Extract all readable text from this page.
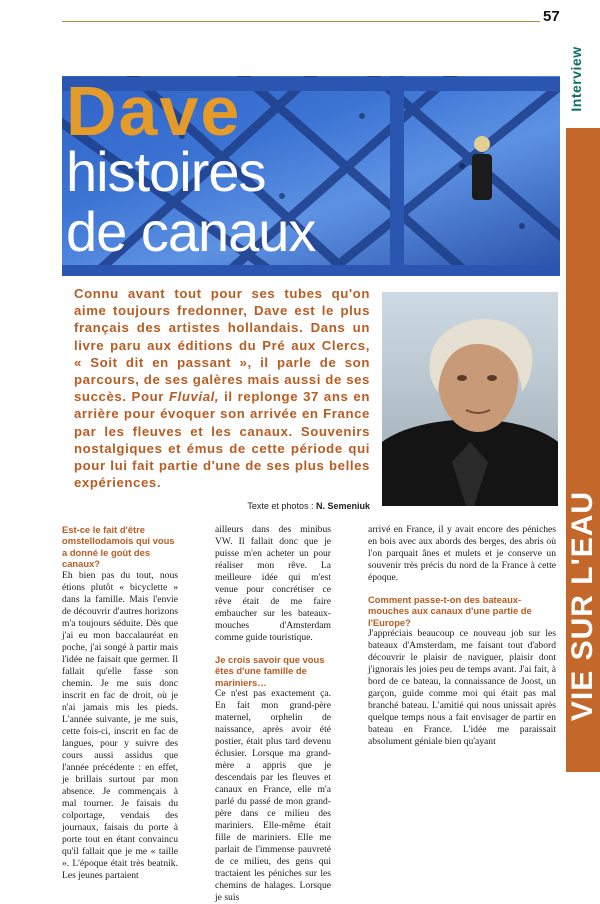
57
Interview
VIE SUR L'EAU
Dave
histoires
de canaux

Connu avant tout pour ses tubes qu'on aime toujours fredonner, Dave est le plus français des artistes hollandais. Dans un livre paru aux éditions du Pré aux Clercs, « Soit dit en passant », il parle de son parcours, de ses galères mais aussi de ses succès. Pour Fluvial, il replonge 37 ans en arrière pour évoquer son arrivée en France par les fleuves et les canaux. Souvenirs nostalgiques et émus de cette période qui pour lui fait partie d'une de ses plus belles expériences.

Texte et photos : N. Semeniuk

Est-ce le fait d'être omstellodamois qui vous a donné le goût des canaux?

Eh bien pas du tout, nous étions plutôt « bicyclette » dans la famille. Mais l'envie de découvrir d'autres horizons m'a toujours séduite. Dès que j'ai eu mon baccalauréat en poche, j'ai songé à partir mais l'idée ne faisait que germer. Il fallait qu'elle fasse son chemin. Je me suis donc inscrit en fac de droit, où je n'ai jamais mis les pieds. L'année suivante, je me suis, cette fois-ci, inscrit en fac de langues, pour y suivre des cours aussi assidus que l'année précédente : en effet, je brillais surtout par mon absence. Je commençais à mal tourner. Je faisais du colportage, vendais des journaux, faisais du porte à porte tout en étant convaincu qu'il fallait que je me « taille ». L'époque était très beatnik. Les jeunes partaient

ailleurs dans des minibus VW. Il fallait donc que je puisse m'en acheter un pour réaliser mon rêve. La meilleure idée qui m'est venue pour concrétiser ce rêve était de me faire embaucher sur les bateaux-mouches d'Amsterdam comme guide touristique.

Je crois savoir que vous êtes d'une famille de mariniers…

Ce n'est pas exactement ça. En fait mon grand-père maternel, orphelin de naissance, après avoir été postier, était plus tard devenu éclusier. Lorsque ma grand-mère a appris que je descendais par les fleuves et canaux en France, elle m'a parlé du passé de mon grand-père dans ce milieu des mariniers. Elle-même était fille de mariniers. Elle me parlait de l'immense pauvreté de ce milieu, des gens qui tractaient les péniches sur les chemins de halages. Lorsque je suis

arrivé en France, il y avait encore des péniches en bois avec aux abords des berges, des abris où l'on parquait ânes et mulets et je conserve un souvenir très précis du nord de la France à cette époque.

Comment passe-t-on des bateaux-mouches aux canaux d'une partie de l'Europe?

J'appréciais beaucoup ce nouveau job sur les bateaux d'Amsterdam, me faisant tout d'abord découvrir le plaisir de naviguer, plaisir dont j'ignorais les joies peu de temps avant. J'ai fait, à bord de ce bateau, la connaissance de Joost, un garçon, guide comme moi qui était pas mal branché bateau. L'amitié qui nous unissait après quelque temps nous a fait envisager de partir en bateau en France. L'idée me paraissait absolument géniale bien qu'ayant
